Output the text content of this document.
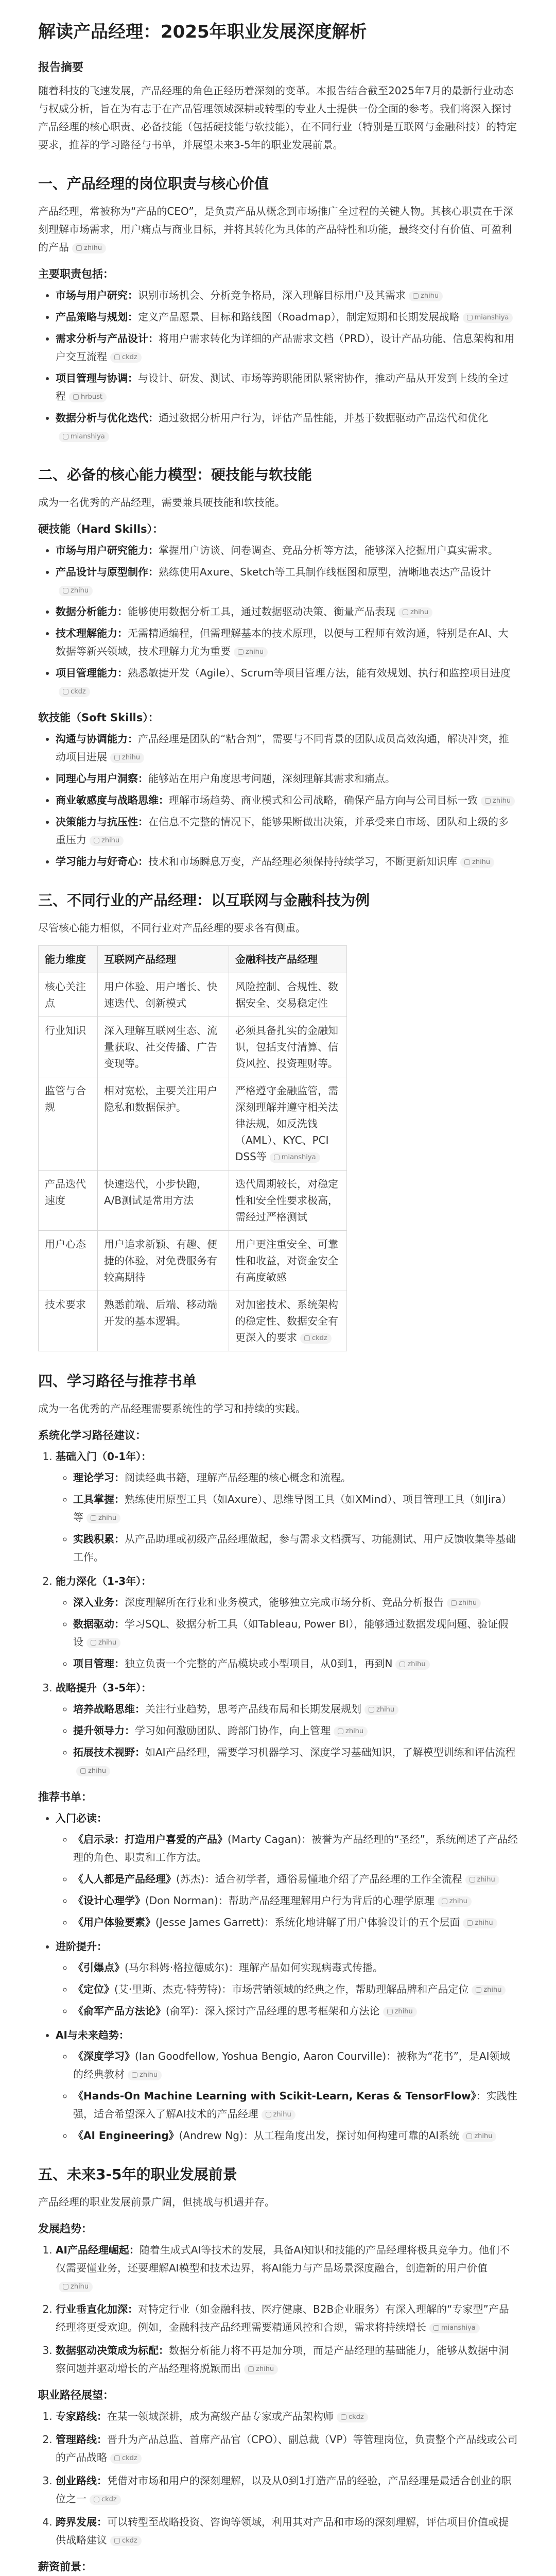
解读产品经理：2025年职业发展深度解析
报告摘要

随着科技的飞速发展，产品经理的角色正经历着深刻的变革。本报告结合截至2025年7月的最新行业动态与权威分析，旨在为有志于在产品管理领域深耕或转型的专业人士提供一份全面的参考。我们将深入探讨产品经理的核心职责、必备技能（包括硬技能与软技能），在不同行业（特别是互联网与金融科技）的特定要求，推荐的学习路径与书单，并展望未来3-5年的职业发展前景。

一、产品经理的岗位职责与核心价值

产品经理，常被称为“产品的CEO”，是负责产品从概念到市场推广全过程的关键人物。其核心职责在于深刻理解市场需求，用户痛点与商业目标，并将其转化为具体的产品特性和功能，最终交付有价值、可盈利的产品 zhihu

主要职责包括：
• 市场与用户研究：识别市场机会、分析竞争格局，深入理解目标用户及其需求 zhihu
• 产品策略与规划：定义产品愿景、目标和路线图（Roadmap），制定短期和长期发展战略 mianshiya
• 需求分析与产品设计：将用户需求转化为详细的产品需求文档（PRD），设计产品功能、信息架构和用户交互流程 ckdz
• 项目管理与协调：与设计、研发、测试、市场等跨职能团队紧密协作，推动产品从开发到上线的全过程 hrbust
• 数据分析与优化迭代：通过数据分析用户行为，评估产品性能，并基于数据驱动产品迭代和优化mianshiya
二、必备的核心能力模型：硬技能与软技能

成为一名优秀的产品经理，需要兼具硬技能和软技能。

硬技能（Hard Skills）：
• 市场与用户研究能力：掌握用户访谈、问卷调查、竞品分析等方法，能够深入挖掘用户真实需求。
• 产品设计与原型制作：熟练使用Axure、Sketch等工具制作线框图和原型，清晰地表达产品设计zhihu
• 数据分析能力：能够使用数据分析工具，通过数据驱动决策、衡量产品表现 zhihu
• 技术理解能力：无需精通编程，但需理解基本的技术原理，以便与工程师有效沟通，特别是在AI、大数据等新兴领域，技术理解力尤为重要 zhihu
• 项目管理能力：熟悉敏捷开发（Agile）、Scrum等项目管理方法，能有效规划、执行和监控项目进度ckdz
软技能（Soft Skills）：
• 沟通与协调能力：产品经理是团队的“粘合剂”，需要与不同背景的团队成员高效沟通，解决冲突，推动项目进展 zhihu
• 同理心与用户洞察：能够站在用户角度思考问题，深刻理解其需求和痛点。
• 商业敏感度与战略思维：理解市场趋势、商业模式和公司战略，确保产品方向与公司目标一致 zhihu
• 决策能力与抗压性：在信息不完整的情况下，能够果断做出决策，并承受来自市场、团队和上级的多重压力 zhihu
• 学习能力与好奇心：技术和市场瞬息万变，产品经理必须保持持续学习，不断更新知识库 zhihu
三、不同行业的产品经理：以互联网与金融科技为例

尽管核心能力相似，不同行业对产品经理的要求各有侧重。

能力维度	互联网产品经理	金融科技产品经理
核心关注点	用户体验、用户增长、快速迭代、创新模式	风险控制、合规性、数据安全、交易稳定性
行业知识	深入理解互联网生态、流量获取、社交传播、广告变现等。	必须具备扎实的金融知识，包括支付清算、信贷风控、投资理财等。
监管与合规	相对宽松，主要关注用户隐私和数据保护。	严格遵守金融监管，需深刻理解并遵守相关法律法规，如反洗钱（AML）、KYC、PCI DSS等 mianshiya
产品迭代速度	快速迭代，小步快跑，A/B测试是常用方法	迭代周期较长，对稳定性和安全性要求极高，需经过严格测试
用户心态	用户追求新颖、有趣、便捷的体验，对免费服务有较高期待	用户更注重安全、可靠性和收益，对资金安全有高度敏感
技术要求	熟悉前端、后端、移动端开发的基本逻辑。	对加密技术、系统架构的稳定性、数据安全有更深入的要求 ckdz
四、学习路径与推荐书单

成为一名优秀的产品经理需要系统性的学习和持续的实践。

系统化学习路径建议：
1. 基础入门（0-1年）：
◦ 理论学习：阅读经典书籍，理解产品经理的核心概念和流程。
◦ 工具掌握：熟练使用原型工具（如Axure）、思维导图工具（如XMind）、项目管理工具（如Jira）等 zhihu
◦ 实践积累：从产品助理或初级产品经理做起，参与需求文档撰写、功能测试、用户反馈收集等基础工作。
2. 能力深化（1-3年）：
◦ 深入业务：深度理解所在行业和业务模式，能够独立完成市场分析、竞品分析报告 zhihu
◦ 数据驱动：学习SQL、数据分析工具（如Tableau, Power BI），能够通过数据发现问题、验证假设 zhihu
◦ 项目管理：独立负责一个完整的产品模块或小型项目，从0到1，再到N zhihu
3. 战略提升（3-5年）：
◦ 培养战略思维：关注行业趋势，思考产品线布局和长期发展规划 zhihu
◦ 提升领导力：学习如何激励团队、跨部门协作，向上管理 zhihu
◦ 拓展技术视野：如AI产品经理，需要学习机器学习、深度学习基础知识，了解模型训练和评估流程zhihu
推荐书单：
• 入门必读：
◦ 《启示录：打造用户喜爱的产品》(Marty Cagan)：被誉为产品经理的“圣经”，系统阐述了产品经理的角色、职责和工作方法。
◦ 《人人都是产品经理》(苏杰)：适合初学者，通俗易懂地介绍了产品经理的工作全流程 zhihu
◦ 《设计心理学》(Don Norman)：帮助产品经理理解用户行为背后的心理学原理 zhihu
◦ 《用户体验要素》(Jesse James Garrett)：系统化地讲解了用户体验设计的五个层面 zhihu
• 进阶提升：
◦ 《引爆点》(马尔科姆·格拉德威尔)：理解产品如何实现病毒式传播。
◦ 《定位》(艾·里斯、杰克·特劳特)：市场营销领域的经典之作，帮助理解品牌和产品定位 zhihu
◦ 《俞军产品方法论》(俞军)：深入探讨产品经理的思考框架和方法论 zhihu
• AI与未来趋势：
◦ 《深度学习》(Ian Goodfellow, Yoshua Bengio, Aaron Courville)：被称为“花书”，是AI领域的经典教材 zhihu
◦ 《Hands-On Machine Learning with Scikit-Learn, Keras & TensorFlow》：实践性强，适合希望深入了解AI技术的产品经理 zhihu
◦ 《AI Engineering》(Andrew Ng)：从工程角度出发，探讨如何构建可靠的AI系统 zhihu
五、未来3-5年的职业发展前景

产品经理的职业发展前景广阔，但挑战与机遇并存。

发展趋势：
1. AI产品经理崛起：随着生成式AI等技术的发展，具备AI知识和技能的产品经理将极具竞争力。他们不仅需要懂业务，还要理解AI模型和技术边界，将AI能力与产品场景深度融合，创造新的用户价值zhihu
2. 行业垂直化加深：对特定行业（如金融科技、医疗健康、B2B企业服务）有深入理解的“专家型”产品经理将更受欢迎。例如，金融科技产品经理需要精通风控和合规，需求将持续增长 mianshiya
3. 数据驱动决策成为标配：数据分析能力将不再是加分项，而是产品经理的基础能力，能够从数据中洞察问题并驱动增长的产品经理将脱颖而出 zhihu
职业路径展望：
1. 专家路线：在某一领域深耕，成为高级产品专家或产品架构师 ckdz
2. 管理路线：晋升为产品总监、首席产品官（CPO）、副总裁（VP）等管理岗位，负责整个产品线或公司的产品战略 ckdz
3. 创业路线：凭借对市场和用户的深刻理解，以及从0到1打造产品的经验，产品经理是最适合创业的职位之一 ckdz
4. 跨界发展：可以转型至战略投资、咨询等领域，利用其对产品和市场的深刻理解，评估项目价值或提供战略建议 ckdz
薪资前景：
